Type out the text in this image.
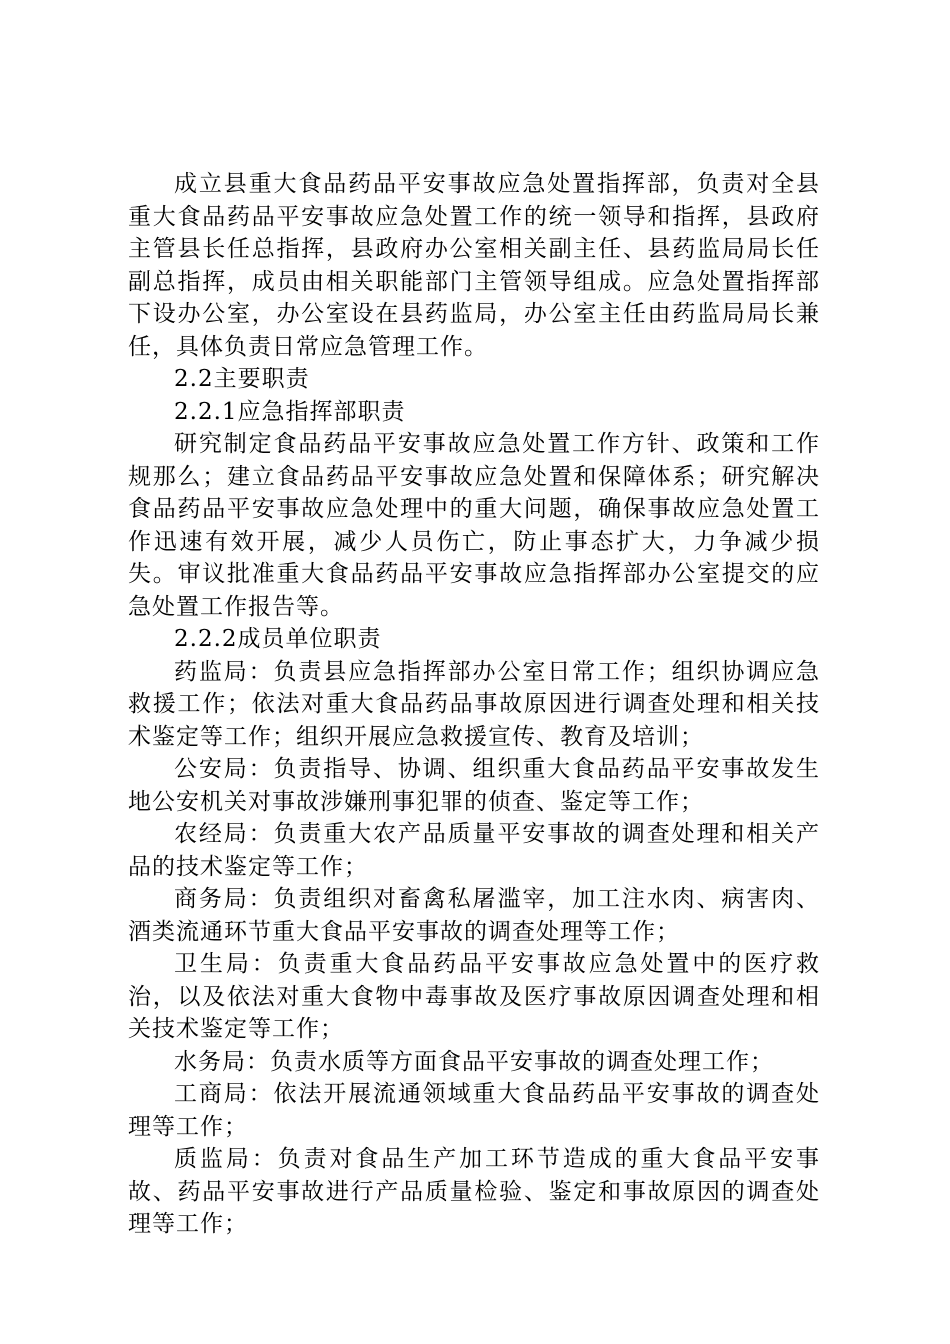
成立县重大食品药品平安事故应急处置指挥部，负责对全县重大食品药品平安事故应急处置工作的统一领导和指挥，县政府主管县长任总指挥，县政府办公室相关副主任、县药监局局长任副总指挥，成员由相关职能部门主管领导组成。应急处置指挥部下设办公室，办公室设在县药监局，办公室主任由药监局局长兼任，具体负责日常应急管理工作。

2.2主要职责

2.2.1应急指挥部职责

研究制定食品药品平安事故应急处置工作方针、政策和工作规那么；建立食品药品平安事故应急处置和保障体系；研究解决食品药品平安事故应急处理中的重大问题，确保事故应急处置工作迅速有效开展，减少人员伤亡，防止事态扩大，力争减少损失。审议批准重大食品药品平安事故应急指挥部办公室提交的应急处置工作报告等。

2.2.2成员单位职责

药监局：负责县应急指挥部办公室日常工作；组织协调应急救援工作；依法对重大食品药品事故原因进行调查处理和相关技术鉴定等工作；组织开展应急救援宣传、教育及培训；

公安局：负责指导、协调、组织重大食品药品平安事故发生地公安机关对事故涉嫌刑事犯罪的侦查、鉴定等工作；

农经局：负责重大农产品质量平安事故的调查处理和相关产品的技术鉴定等工作；

商务局：负责组织对畜禽私屠滥宰，加工注水肉、病害肉、酒类流通环节重大食品平安事故的调查处理等工作；

卫生局：负责重大食品药品平安事故应急处置中的医疗救治，以及依法对重大食物中毒事故及医疗事故原因调查处理和相关技术鉴定等工作；

水务局：负责水质等方面食品平安事故的调查处理工作；

工商局：依法开展流通领域重大食品药品平安事故的调查处理等工作；

质监局：负责对食品生产加工环节造成的重大食品平安事故、药品平安事故进行产品质量检验、鉴定和事故原因的调查处理等工作；
